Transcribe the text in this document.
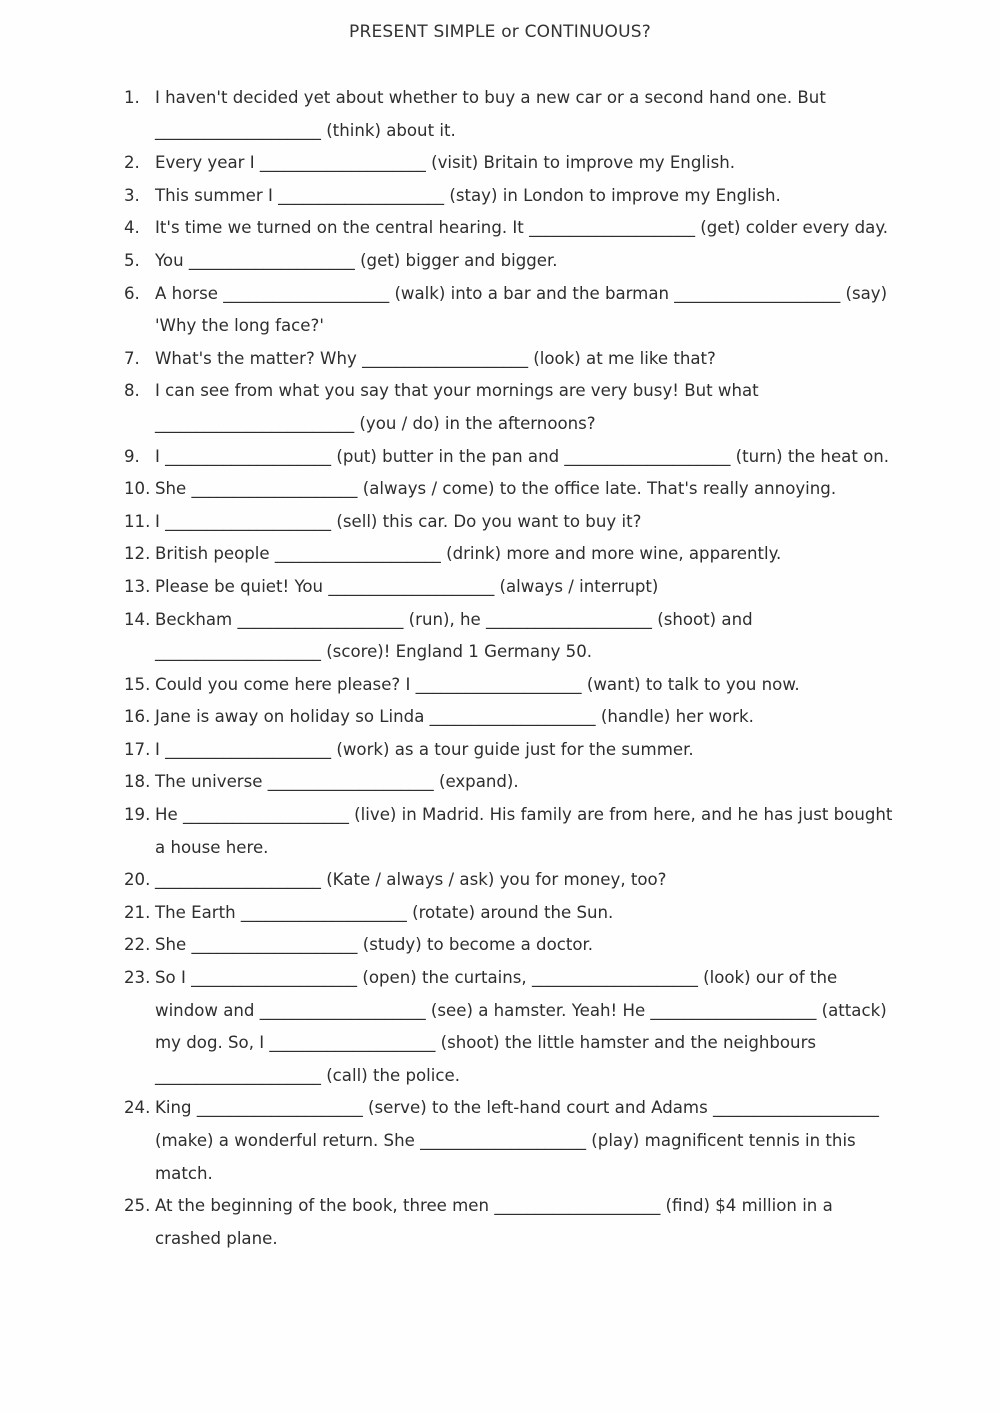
PRESENT SIMPLE or CONTINUOUS?
1. I haven't decided yet about whether to buy a new car or a second hand one. But ____________________ (think) about it.
2. Every year I ____________________ (visit) Britain to improve my English.
3. This summer I ____________________ (stay) in London to improve my English.
4. It's time we turned on the central hearing. It ____________________ (get) colder every day.
5. You ____________________ (get) bigger and bigger.
6. A horse ____________________ (walk) into a bar and the barman ____________________ (say) 'Why the long face?'
7. What's the matter? Why ____________________ (look) at me like that?
8. I can see from what you say that your mornings are very busy! But what ________________________ (you / do) in the afternoons?
9. I ____________________ (put) butter in the pan and ____________________ (turn) the heat on.
10. She ____________________ (always / come) to the office late. That's really annoying.
11. I ____________________ (sell) this car. Do you want to buy it?
12. British people ____________________ (drink) more and more wine, apparently.
13. Please be quiet! You ____________________ (always / interrupt)
14. Beckham ____________________ (run), he ____________________ (shoot) and ____________________ (score)! England 1 Germany 50.
15. Could you come here please? I ____________________ (want) to talk to you now.
16. Jane is away on holiday so Linda ____________________ (handle) her work.
17. I ____________________ (work) as a tour guide just for the summer.
18. The universe ____________________ (expand).
19. He ____________________ (live) in Madrid. His family are from here, and he has just bought a house here.
20. ____________________ (Kate / always / ask) you for money, too?
21. The Earth ____________________ (rotate) around the Sun.
22. She ____________________ (study) to become a doctor.
23. So I ____________________ (open) the curtains, ____________________ (look) our of the window and ____________________ (see) a hamster. Yeah! He ____________________ (attack) my dog. So, I ____________________ (shoot) the little hamster and the neighbours ____________________ (call) the police.
24. King ____________________ (serve) to the left-hand court and Adams ____________________ (make) a wonderful return. She ____________________ (play) magnificent tennis in this match.
25. At the beginning of the book, three men ____________________ (find) $4 million in a crashed plane.
